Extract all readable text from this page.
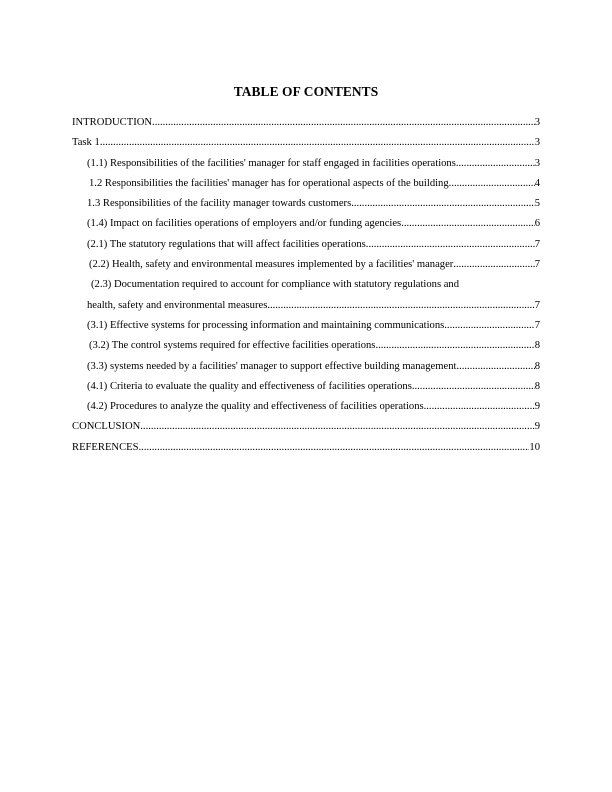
TABLE OF CONTENTS
INTRODUCTION .....	3
Task 1 .....	3
(1.1) Responsibilities of the facilities' manager for staff engaged in facilities operations .....	3
1.2 Responsibilities the facilities' manager has for operational aspects of the building. .....	4
1.3 Responsibilities of the facility manager towards customers .....	5
(1.4) Impact on facilities operations of employers and/or funding agencies .....	6
(2.1) The statutory regulations that will affect facilities operations .....	7
(2.2) Health, safety and environmental measures implemented by a facilities' manager .....	7
(2.3) Documentation required to account for compliance with statutory regulations and
health, safety and environmental measures .....	7
(3.1) Effective systems for processing information and maintaining communications. .....	7
(3.2) The control systems required for effective facilities operations .....	8
(3.3) systems needed by a facilities' manager to support effective building management .....	8
(4.1) Criteria to evaluate the quality and effectiveness of facilities operations .....	8
(4.2) Procedures to analyze the quality and effectiveness of facilities operations. .....	9
CONCLUSION .....	9
REFERENCES .....	10
